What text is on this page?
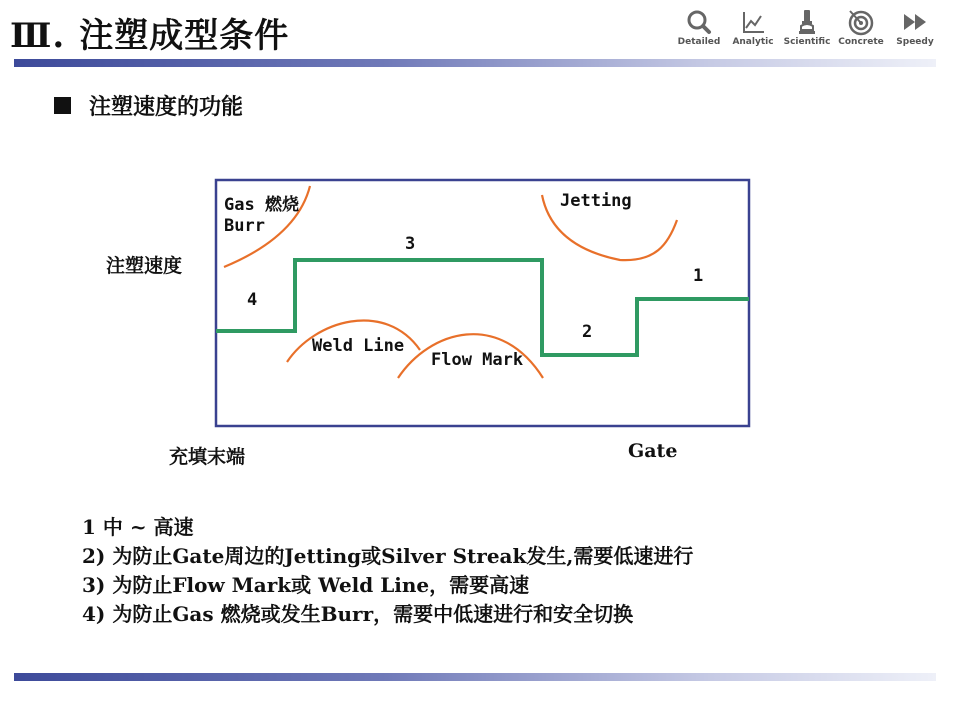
Ⅲ. 注塑成型条件	Detailed Analytic Scientific Concrete Speedy
注塑速度的功能
注塑速度
充填末端	Gate
4
3
2
1
Gas 燃烧
Burr
Jetting
Weld Line
Flow Mark
1 中 ~ 高速
2) 为防止Gate周边的Jetting或Silver Streak发生,需要低速进行
3) 为防止Flow Mark或 Weld Line，需要高速
4) 为防止Gas 燃烧或发生Burr，需要中低速进行和安全切换
